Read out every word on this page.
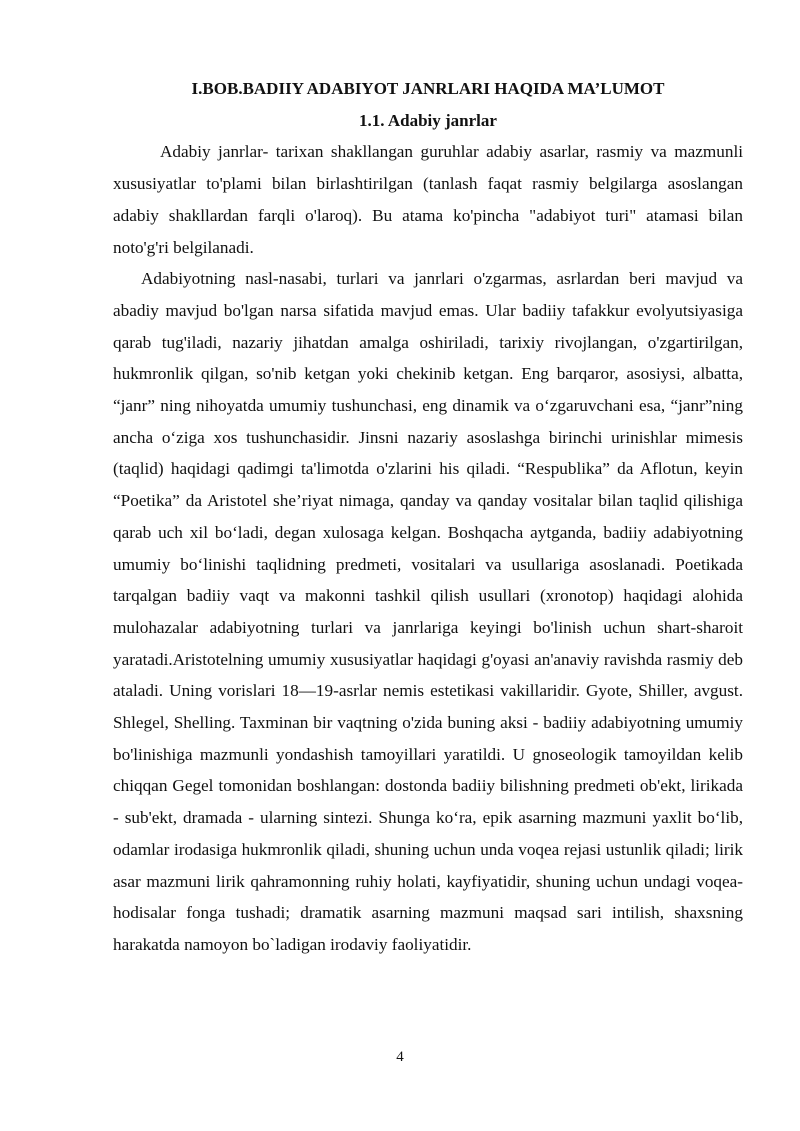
I.BOB.BADIIY ADABIYOT JANRLARI HAQIDA MA’LUMOT
1.1. Adabiy janrlar

Adabiy janrlar- tarixan shakllangan guruhlar adabiy asarlar, rasmiy va mazmunli xususiyatlar to'plami bilan birlashtirilgan (tanlash faqat rasmiy belgilarga asoslangan adabiy shakllardan farqli o'laroq). Bu atama ko'pincha "adabiyot turi" atamasi bilan noto'g'ri belgilanadi.

Adabiyotning nasl-nasabi, turlari va janrlari o'zgarmas, asrlardan beri mavjud va abadiy mavjud bo'lgan narsa sifatida mavjud emas. Ular badiiy tafakkur evolyutsiyasiga qarab tug'iladi, nazariy jihatdan amalga oshiriladi, tarixiy rivojlangan, o'zgartirilgan, hukmronlik qilgan, so'nib ketgan yoki chekinib ketgan. Eng barqaror, asosiysi, albatta, “janr” ning nihoyatda umumiy tushunchasi, eng dinamik va oʻzgaruvchani esa, “janr”ning ancha oʻziga xos tushunchasidir. Jinsni nazariy asoslashga birinchi urinishlar mimesis (taqlid) haqidagi qadimgi ta'limotda o'zlarini his qiladi. “Respublika” da Aflotun, keyin “Poetika” da Aristotel she’riyat nimaga, qanday va qanday vositalar bilan taqlid qilishiga qarab uch xil boʻladi, degan xulosaga kelgan. Boshqacha aytganda, badiiy adabiyotning umumiy boʻlinishi taqlidning predmeti, vositalari va usullariga asoslanadi. Poetikada tarqalgan badiiy vaqt va makonni tashkil qilish usullari (xronotop) haqidagi alohida mulohazalar adabiyotning turlari va janrlariga keyingi bo'linish uchun shart-sharoit yaratadi.Aristotelning umumiy xususiyatlar haqidagi g'oyasi an'anaviy ravishda rasmiy deb ataladi. Uning vorislari 18—19-asrlar nemis estetikasi vakillaridir. Gyote, Shiller, avgust. Shlegel, Shelling. Taxminan bir vaqtning o'zida buning aksi - badiiy adabiyotning umumiy bo'linishiga mazmunli yondashish tamoyillari yaratildi. U gnoseologik tamoyildan kelib chiqqan Gegel tomonidan boshlangan: dostonda badiiy bilishning predmeti ob'ekt, lirikada - sub'ekt, dramada - ularning sintezi. Shunga koʻra, epik asarning mazmuni yaxlit boʻlib, odamlar irodasiga hukmronlik qiladi, shuning uchun unda voqea rejasi ustunlik qiladi; lirik asar mazmuni lirik qahramonning ruhiy holati, kayfiyatidir, shuning uchun undagi voqea-hodisalar fonga tushadi; dramatik asarning mazmuni maqsad sari intilish, shaxsning harakatda namoyon bo`ladigan irodaviy faoliyatidir.

4
